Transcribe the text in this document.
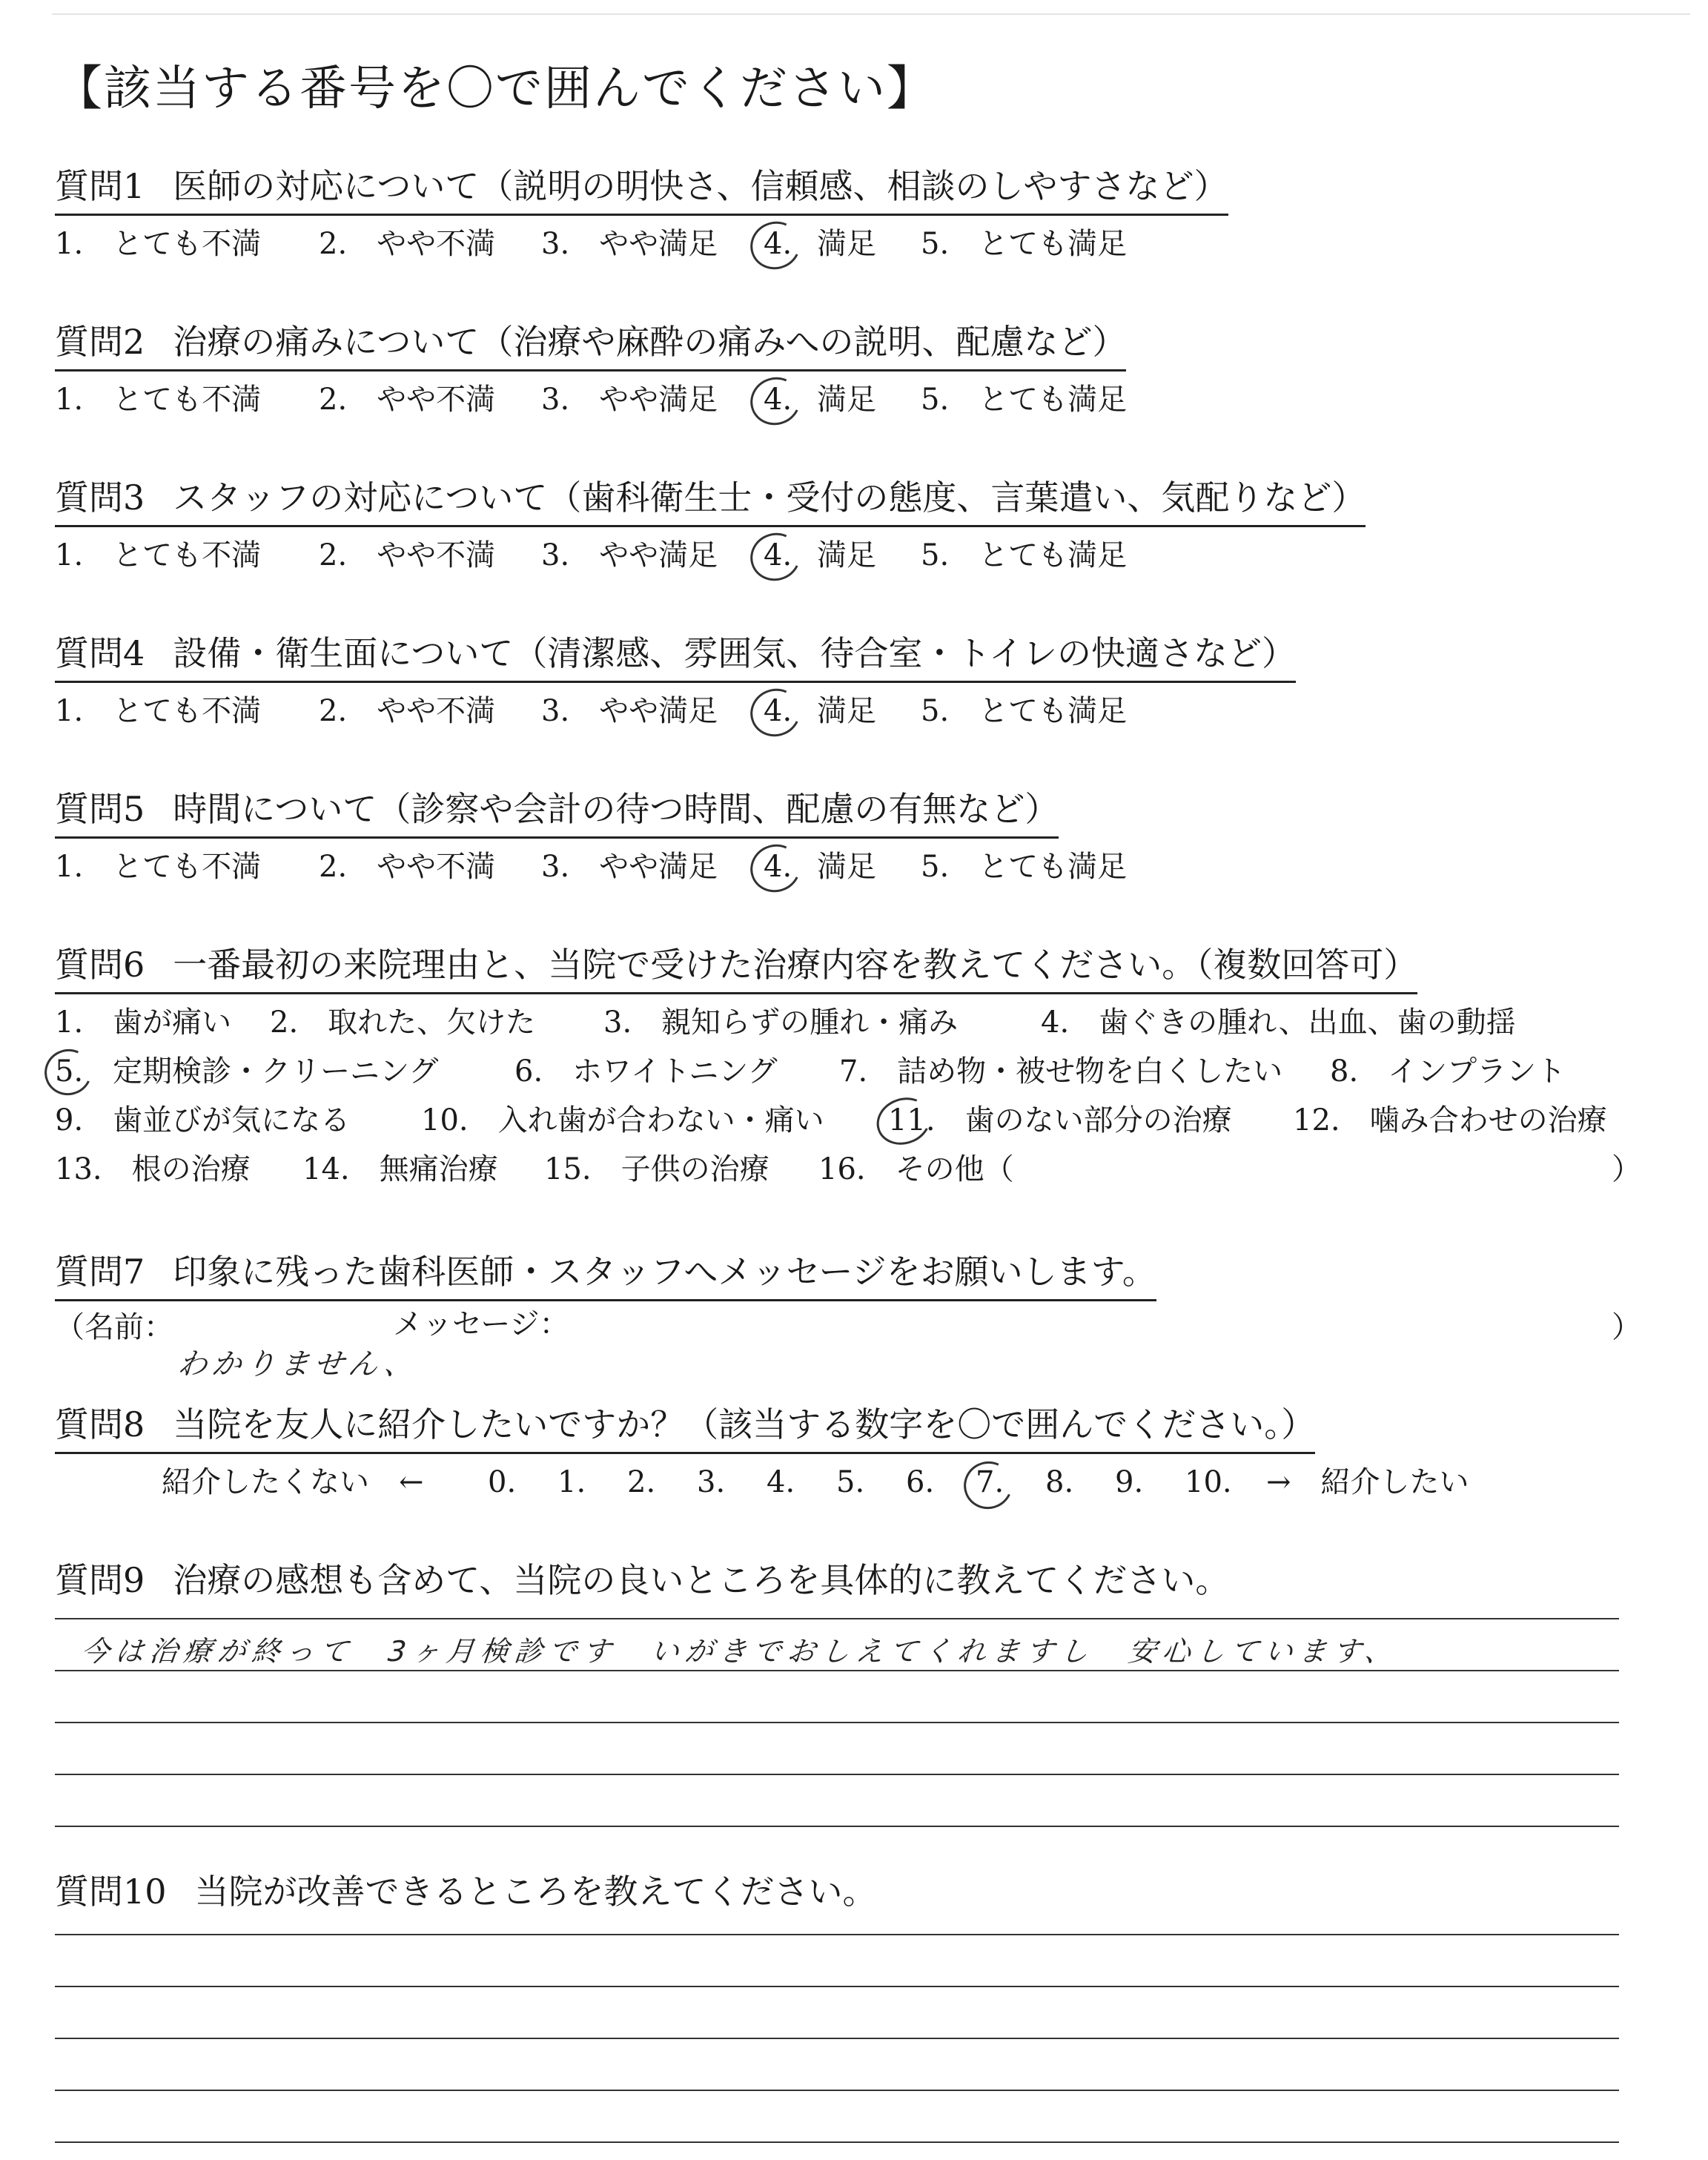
【該当する番号を〇で囲んでください】
質問1 医師の対応について（説明の明快さ、信頼感、相談のしやすさなど）
1.　とても不満 2.　やや不満 3.　やや満足 4. 満足 5.　とても満足
質問2 治療の痛みについて（治療や麻酔の痛みへの説明、配慮など）
1.　とても不満 2.　やや不満 3.　やや満足 4. 満足 5.　とても満足
質問3 スタッフの対応について（歯科衛生士・受付の態度、言葉遣い、気配りなど）
1.　とても不満 2.　やや不満 3.　やや満足 4. 満足 5.　とても満足
質問4 設備・衛生面について（清潔感、雰囲気、待合室・トイレの快適さなど）
1.　とても不満 2.　やや不満 3.　やや満足 4. 満足 5.　とても満足
質問5 時間について（診察や会計の待つ時間、配慮の有無など）
1.　とても不満 2.　やや不満 3.　やや満足 4. 満足 5.　とても満足
質問6 一番最初の来院理由と、当院で受けた治療内容を教えてください。（複数回答可）
1.　歯が痛い 2.　取れた、欠けた 3.　親知らずの腫れ・痛み	4.　歯ぐきの腫れ、出血、歯の動揺
5.　定期検診・クリーニング	6.　ホワイトニング 7.　詰め物・被せ物を白くしたい 8.　インプラント
9.　歯並びが気になる 10.　入れ歯が合わない・痛い 11.　歯のない部分の治療 12.　噛み合わせの治療
13.　根の治療 14.　無痛治療 15.　子供の治療 16.　その他（	）
質問7 印象に残った歯科医師・スタッフへメッセージをお願いします。
（名前：	メッセージ：	）
わかりません、
質問8 当院を友人に紹介したいですか？（該当する数字を〇で囲んでください。）
紹介したくない　← 0. 1. 2. 3. 4. 5. 6. 7. 8. 9. 10. →　紹介したい
質問9 治療の感想も含めて、当院の良いところを具体的に教えてください。
今は治療が終って　3ヶ月検診です　いがきでおしえてくれますし　安心しています、
質問10 当院が改善できるところを教えてください。
